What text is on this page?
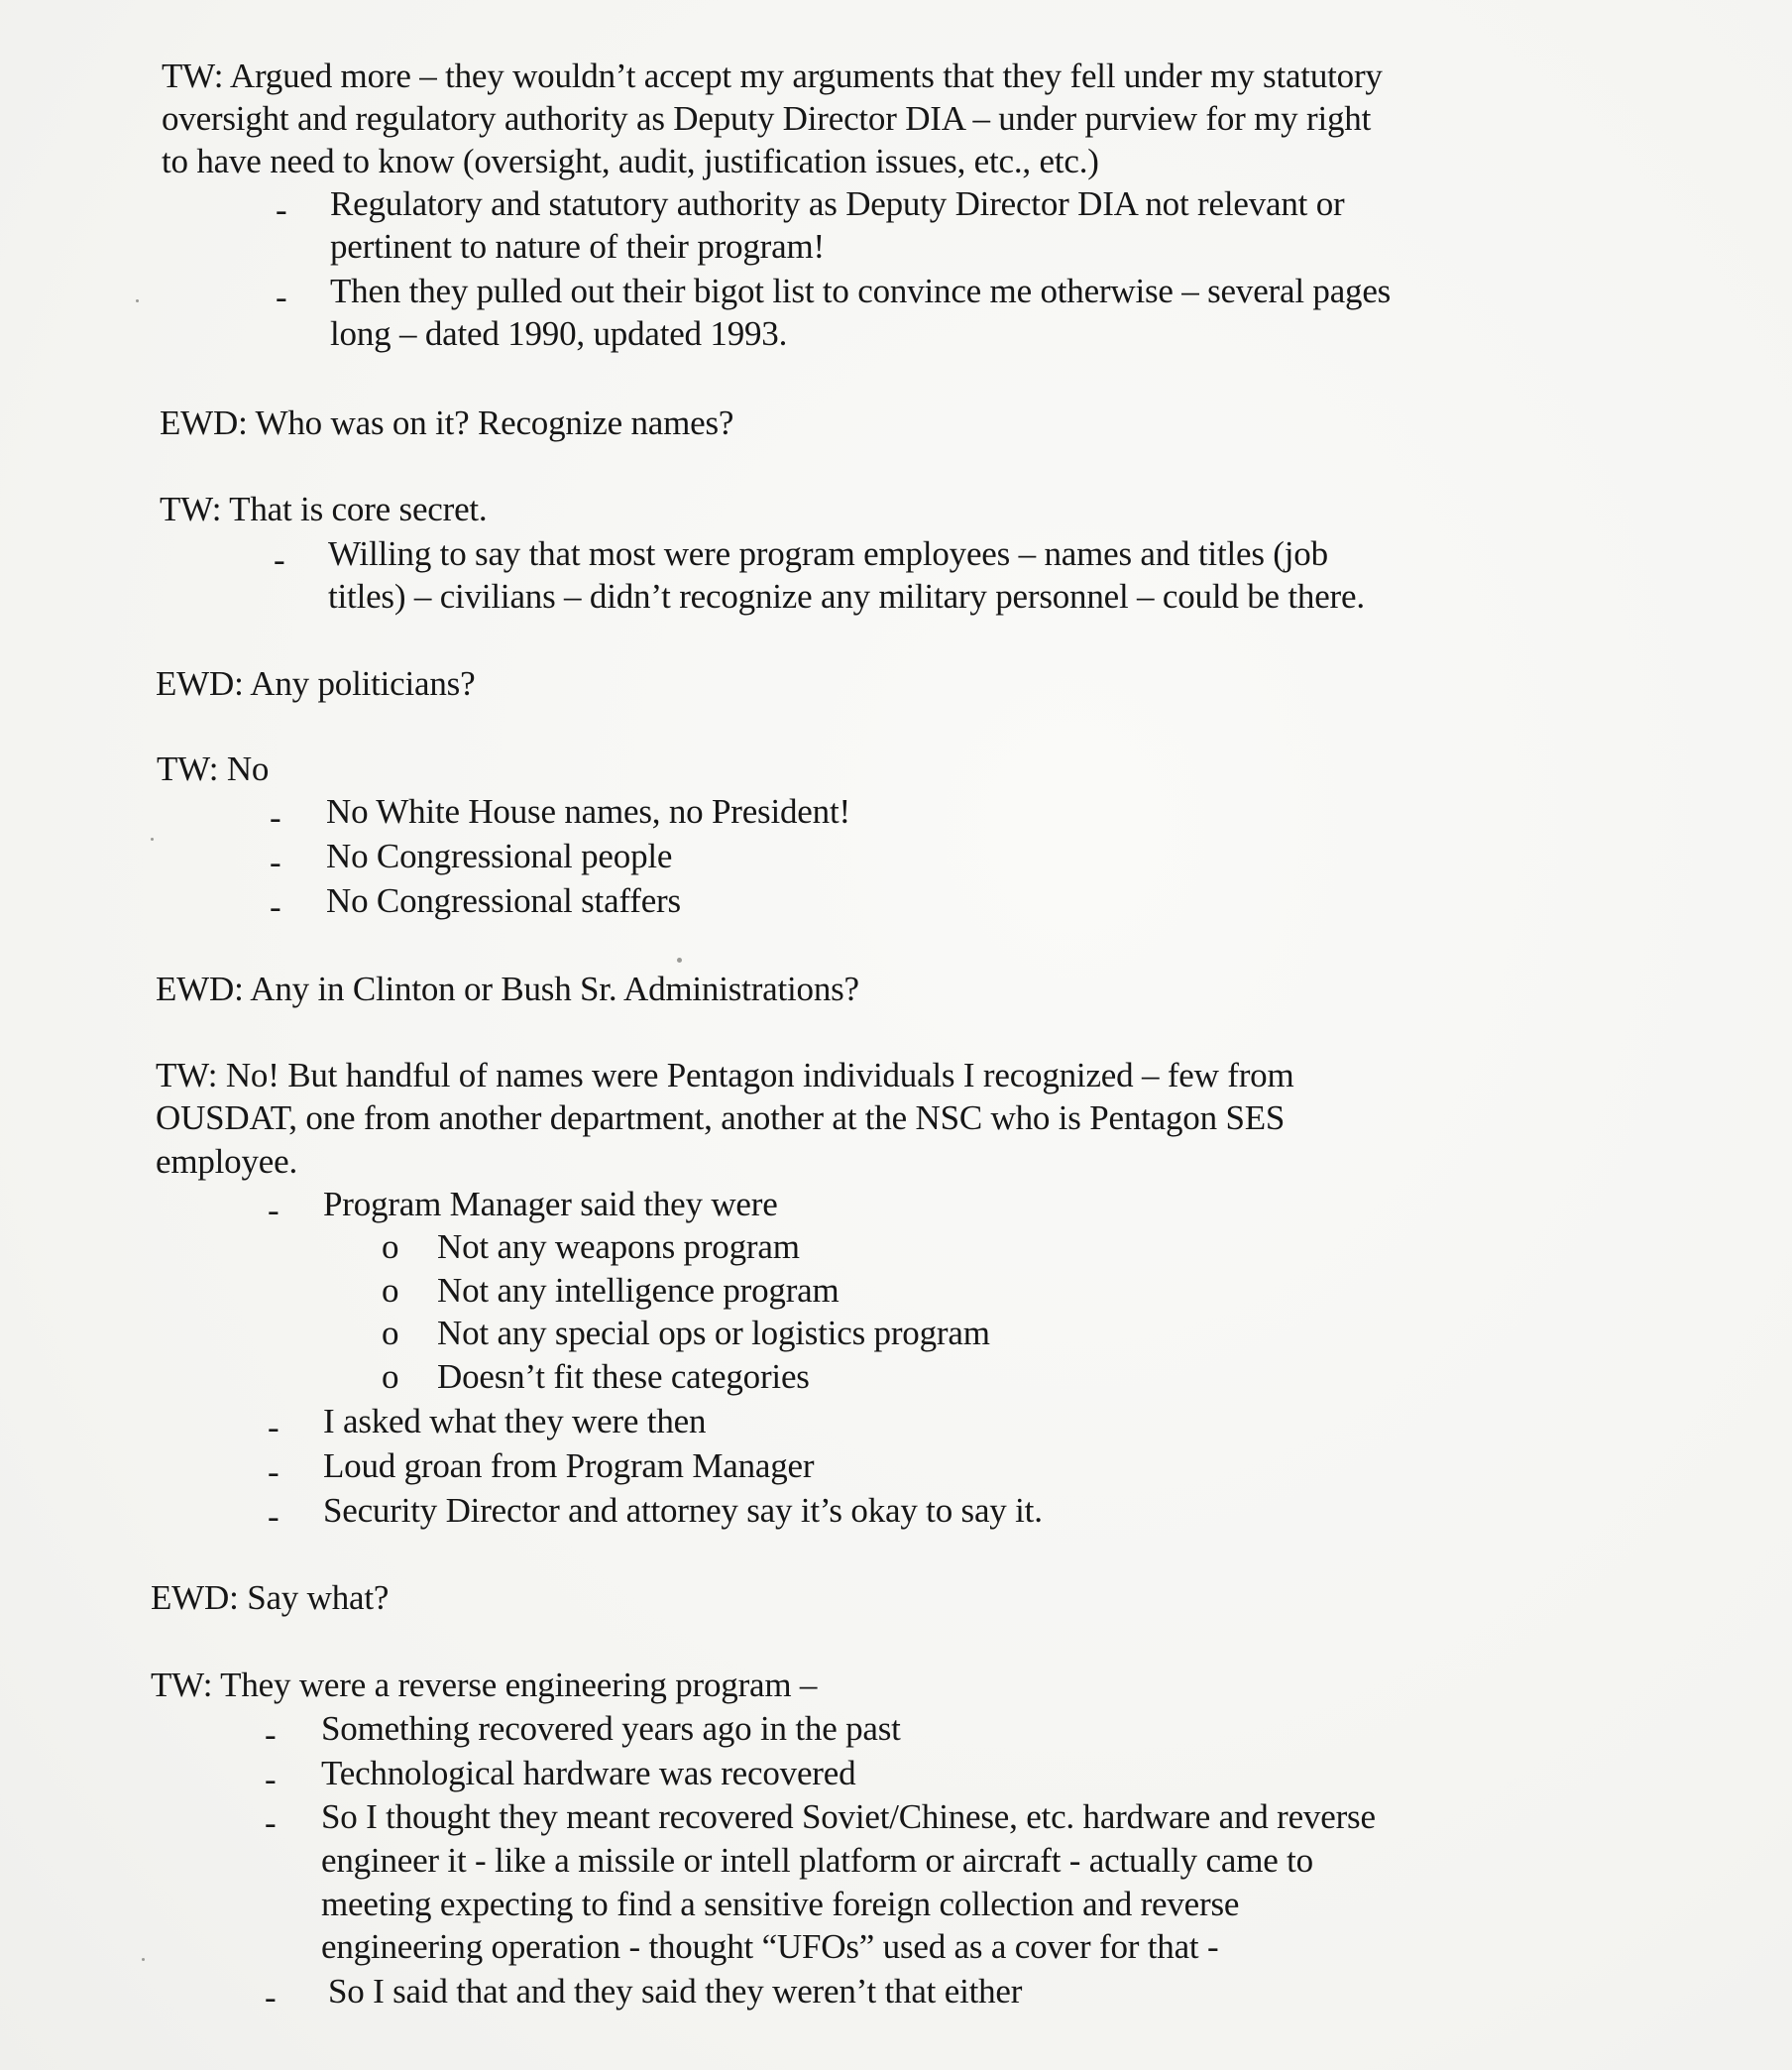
TW: Argued more – they wouldn’t accept my arguments that they fell under my statutory
oversight and regulatory authority as Deputy Director DIA – under purview for my right
to have need to know (oversight, audit, justification issues, etc., etc.)
- Regulatory and statutory authority as Deputy Director DIA not relevant or
pertinent to nature of their program!
- Then they pulled out their bigot list to convince me otherwise – several pages
long – dated 1990, updated 1993.
EWD: Who was on it? Recognize names?
TW: That is core secret.
- Willing to say that most were program employees – names and titles (job
titles) – civilians – didn’t recognize any military personnel – could be there.
EWD: Any politicians?
TW: No
- No White House names, no President!
- No Congressional people
- No Congressional staffers
EWD: Any in Clinton or Bush Sr. Administrations?
TW: No! But handful of names were Pentagon individuals I recognized – few from
OUSDAT, one from another department, another at the NSC who is Pentagon SES
employee.
- Program Manager said they were
o Not any weapons program
o Not any intelligence program
o Not any special ops or logistics program
o Doesn’t fit these categories
- I asked what they were then
- Loud groan from Program Manager
- Security Director and attorney say it’s okay to say it.
EWD: Say what?
TW: They were a reverse engineering program –
- Something recovered years ago in the past
- Technological hardware was recovered
- So I thought they meant recovered Soviet/Chinese, etc. hardware and reverse
engineer it - like a missile or intell platform or aircraft - actually came to
meeting expecting to find a sensitive foreign collection and reverse
engineering operation - thought “UFOs” used as a cover for that -
- So I said that and they said they weren’t that either
